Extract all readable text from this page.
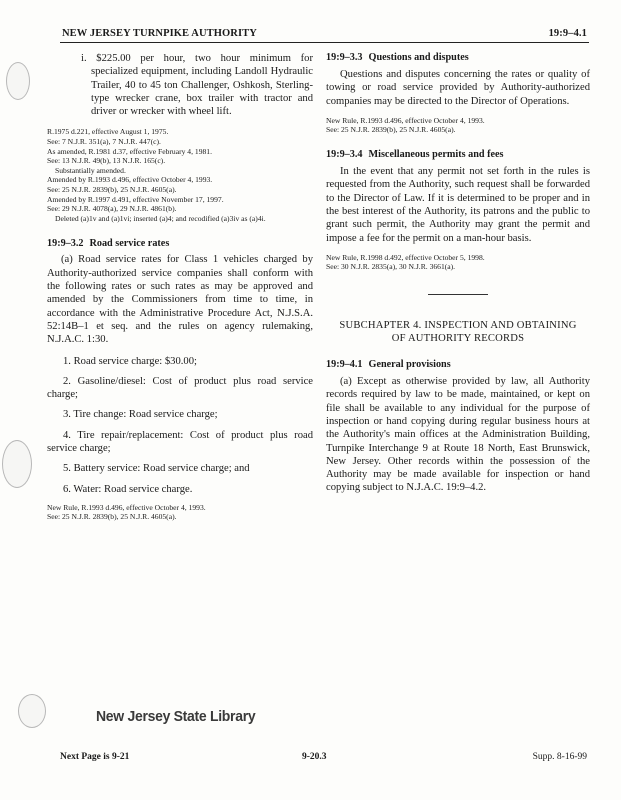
NEW JERSEY TURNPIKE AUTHORITY	19:9–4.1

i. $225.00 per hour, two hour minimum for specialized equipment, including Landoll Hydraulic Trailer, 40 to 45 ton Challenger, Oshkosh, Sterling-type wrecker crane, box trailer with tractor and driver or wrecker with wheel lift.

R.1975 d.221, effective August 1, 1975.
See: 7 N.J.R. 351(a), 7 N.J.R. 447(c).
As amended, R.1981 d.37, effective February 4, 1981.
See: 13 N.J.R. 49(b), 13 N.J.R. 165(c).
Substantially amended.
Amended by R.1993 d.496, effective October 4, 1993.
See: 25 N.J.R. 2839(b), 25 N.J.R. 4605(a).
Amended by R.1997 d.491, effective November 17, 1997.
See: 29 N.J.R. 4078(a), 29 N.J.R. 4861(b).
Deleted (a)1v and (a)1vi; inserted (a)4; and recodified (a)3iv as (a)4i.
19:9–3.2 Road service rates

(a) Road service rates for Class 1 vehicles charged by Authority-authorized service companies shall conform with the following rates or such rates as may be approved and amended by the Commissioners from time to time, in accordance with the Administrative Procedure Act, N.J.S.A. 52:14B–1 et seq. and the rules on agency rulemaking, N.J.A.C. 1:30.

1. Road service charge: $30.00;

2. Gasoline/diesel: Cost of product plus road service charge;

3. Tire change: Road service charge;

4. Tire repair/replacement: Cost of product plus road service charge;

5. Battery service: Road service charge; and

6. Water: Road service charge.

New Rule, R.1993 d.496, effective October 4, 1993.
See: 25 N.J.R. 2839(b), 25 N.J.R. 4605(a).
19:9–3.3 Questions and disputes

Questions and disputes concerning the rates or quality of towing or road service provided by Authority-authorized companies may be directed to the Director of Operations.

New Rule, R.1993 d.496, effective October 4, 1993.
See: 25 N.J.R. 2839(b), 25 N.J.R. 4605(a).
19:9–3.4 Miscellaneous permits and fees

In the event that any permit not set forth in the rules is requested from the Authority, such request shall be forwarded to the Director of Law. If it is determined to be proper and in the best interest of the Authority, its patrons and the public to grant such permit, the Authority may grant the permit and impose a fee for the permit on a man-hour basis.

New Rule, R.1998 d.492, effective October 5, 1998.
See: 30 N.J.R. 2835(a), 30 N.J.R. 3661(a).
SUBCHAPTER 4. INSPECTION AND OBTAINING
OF AUTHORITY RECORDS
19:9–4.1 General provisions

(a) Except as otherwise provided by law, all Authority records required by law to be made, maintained, or kept on file shall be available to any individual for the purpose of inspection or hand copying during regular business hours at the Authority's main offices at the Administration Building, Turnpike Interchange 9 at Route 18 North, East Brunswick, New Jersey. Other records within the possession of the Authority may be made available for inspection or hand copying subject to N.J.A.C. 19:9–4.2.

New Jersey State Library
Next Page is 9-21	9-20.3	Supp. 8-16-99
